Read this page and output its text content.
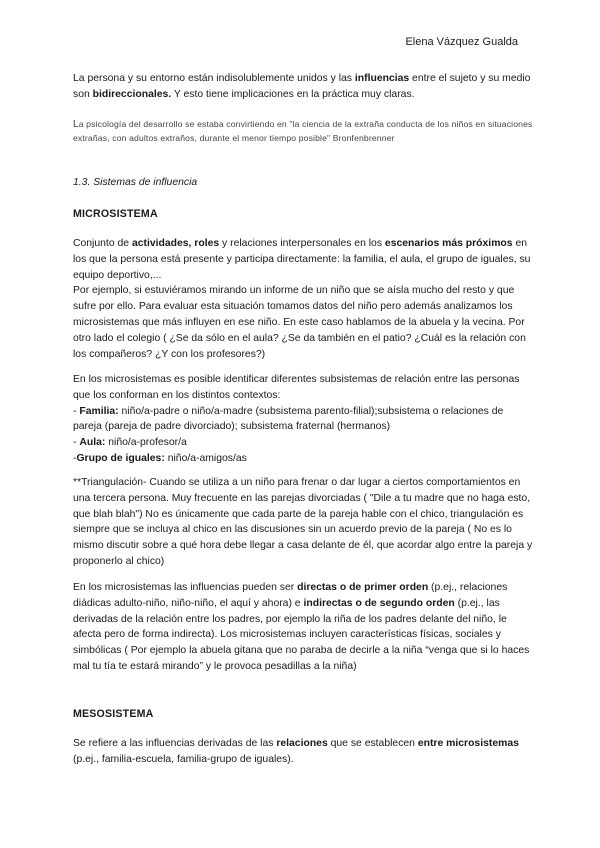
Elena Vázquez Gualda

La persona y su entorno están indisolublemente unidos y las influencias entre el sujeto y su medio son bidireccionales. Y esto tiene implicaciones en la práctica muy claras.

La psicología del desarrollo se estaba convirtiendo en "la ciencia de la extraña conducta de los niños en situaciones extrañas, con adultos extraños, durante el menor tiempo posible" Bronfenbrenner
1.3. Sistemas de influencia
MICROSISTEMA

Conjunto de actividades, roles y relaciones interpersonales en los escenarios más próximos en los que la persona está presente y participa directamente: la familia, el aula, el grupo de iguales, su equipo deportivo,...

Por ejemplo, si estuviéramos mirando un informe de un niño que se aísla mucho del resto y que sufre por ello. Para evaluar esta situación tomamos datos del niño pero además analizamos los microsistemas que más influyen en ese niño. En este caso hablamos de la abuela y la vecina. Por otro lado el colegio ( ¿Se da sólo en el aula? ¿Se da también en el patio? ¿Cuál es la relación con los compañeros? ¿Y con los profesores?)

En los microsistemas es posible identificar diferentes subsistemas de relación entre las personas que los conforman en los distintos contextos:

- Familia: niño/a-padre o niño/a-madre (subsistema parento-filial);subsistema o relaciones de pareja (pareja de padre divorciado); subsistema fraternal (hermanos)

- Aula: niño/a-profesor/a

-Grupo de iguales: niño/a-amigos/as

**Triangulación- Cuando se utiliza a un niño para frenar o dar lugar a ciertos comportamientos en una tercera persona. Muy frecuente en las parejas divorciadas ( "Dile a tu madre que no haga esto, que blah blah") No es únicamente que cada parte de la pareja hable con el chico, triangulación es siempre que se incluya al chico en las discusiones sin un acuerdo previo de la pareja ( No es lo mismo discutir sobre a qué hora debe llegar a casa delante de él, que acordar algo entre la pareja y proponerlo al chico)

En los microsistemas las influencias pueden ser directas o de primer orden (p.ej., relaciones diádicas adulto-niño, niño-niño, el aquí y ahora) e indirectas o de segundo orden (p.ej., las derivadas de la relación entre los padres, por ejemplo la riña de los padres delante del niño, le afecta pero de forma indirecta). Los microsistemas incluyen características físicas, sociales y simbólicas ( Por ejemplo la abuela gitana que no paraba de decirle a la niña “venga que si lo haces mal tu tía te estará mirando” y le provoca pesadillas a la niña)

MESOSISTEMA

Se refiere a las influencias derivadas de las relaciones que se establecen entre microsistemas (p.ej., familia-escuela, familia-grupo de iguales).
